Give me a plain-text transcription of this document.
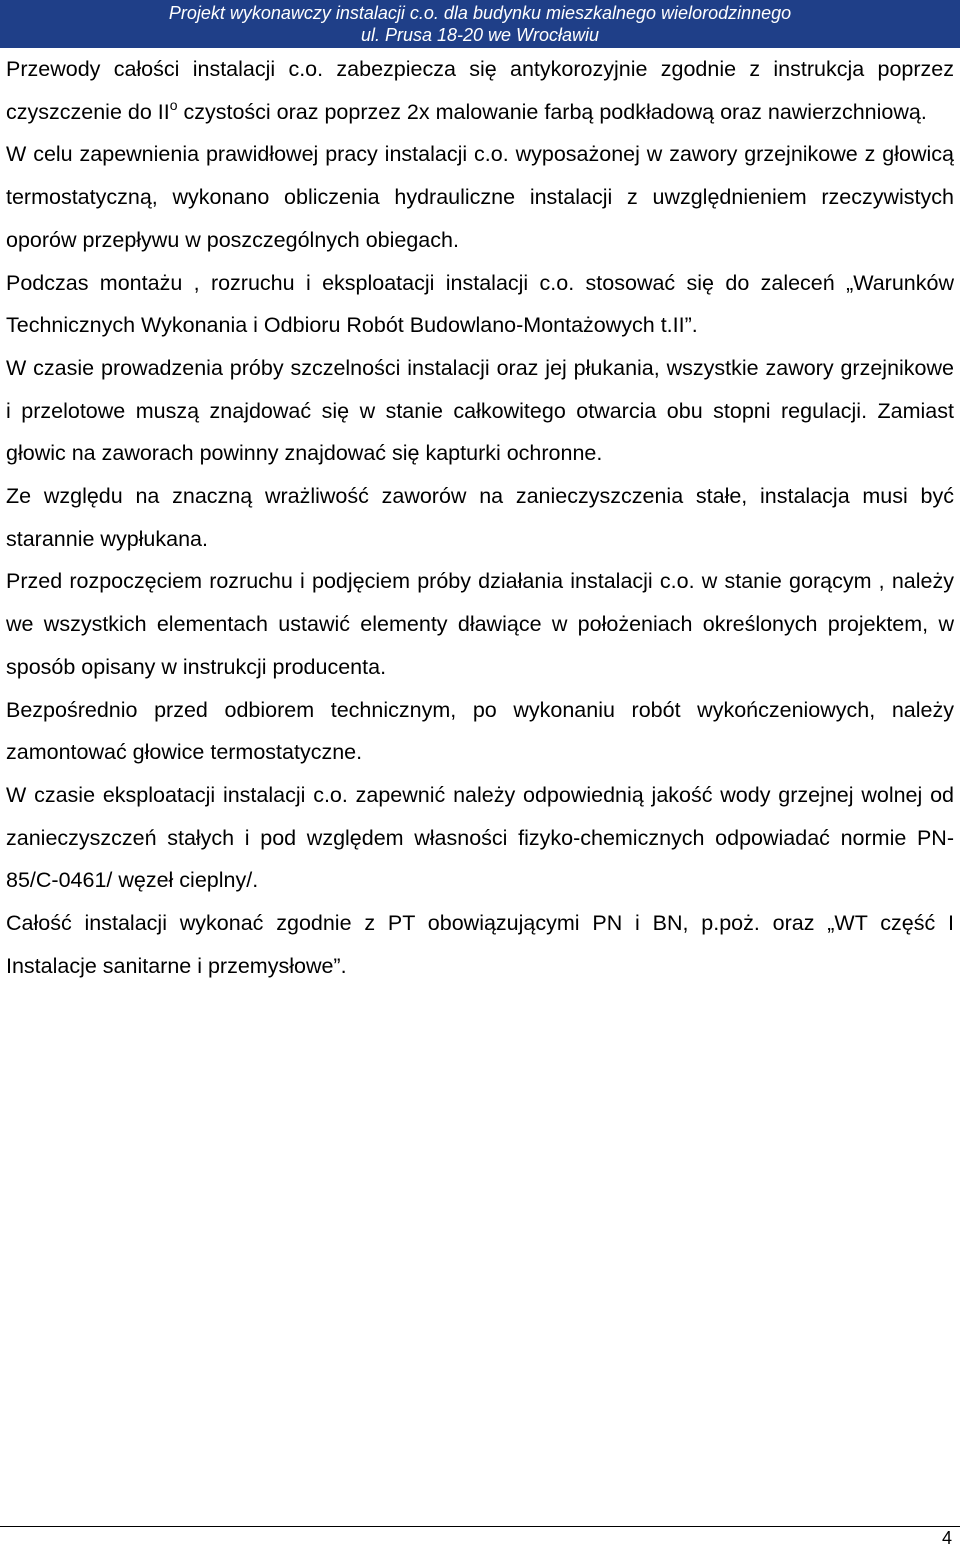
Projekt wykonawczy instalacji c.o. dla budynku mieszkalnego wielorodzinnego
ul. Prusa 18-20 we Wrocławiu

Przewody całości instalacji c.o. zabezpiecza się antykorozyjnie zgodnie z instrukcja poprzez czyszczenie do $II^o$ czystości oraz poprzez 2x malowanie farbą podkładową oraz nawierzchniową.

W celu zapewnienia prawidłowej pracy instalacji c.o. wyposażonej w zawory grzejnikowe z głowicą termostatyczną, wykonano obliczenia hydrauliczne instalacji z uwzględnieniem rzeczywistych oporów przepływu w poszczególnych obiegach.

Podczas montażu , rozruchu i eksploatacji instalacji c.o. stosować się do zaleceń „Warunków Technicznych Wykonania i Odbioru Robót Budowlano-Montażowych t.II”.

W czasie prowadzenia próby szczelności instalacji oraz jej płukania, wszystkie zawory grzejnikowe i przelotowe muszą znajdować się w stanie całkowitego otwarcia obu stopni regulacji. Zamiast głowic na zaworach powinny znajdować się kapturki ochronne.

Ze względu na znaczną wrażliwość zaworów na zanieczyszczenia stałe, instalacja musi być starannie wypłukana.

Przed rozpoczęciem rozruchu i podjęciem próby działania instalacji c.o. w stanie gorącym , należy we wszystkich elementach ustawić elementy dławiące w położeniach określonych projektem, w sposób opisany w instrukcji producenta.

Bezpośrednio przed odbiorem technicznym, po wykonaniu robót wykończeniowych, należy zamontować głowice termostatyczne.

W czasie eksploatacji instalacji c.o. zapewnić należy odpowiednią jakość wody grzejnej wolnej od zanieczyszczeń stałych i pod względem własności fizyko-chemicznych odpowiadać normie PN-85/C-0461/ węzeł cieplny/.

Całość instalacji wykonać zgodnie z PT obowiązującymi PN i BN, p.poż. oraz „WT część I Instalacje sanitarne i przemysłowe”.

4
